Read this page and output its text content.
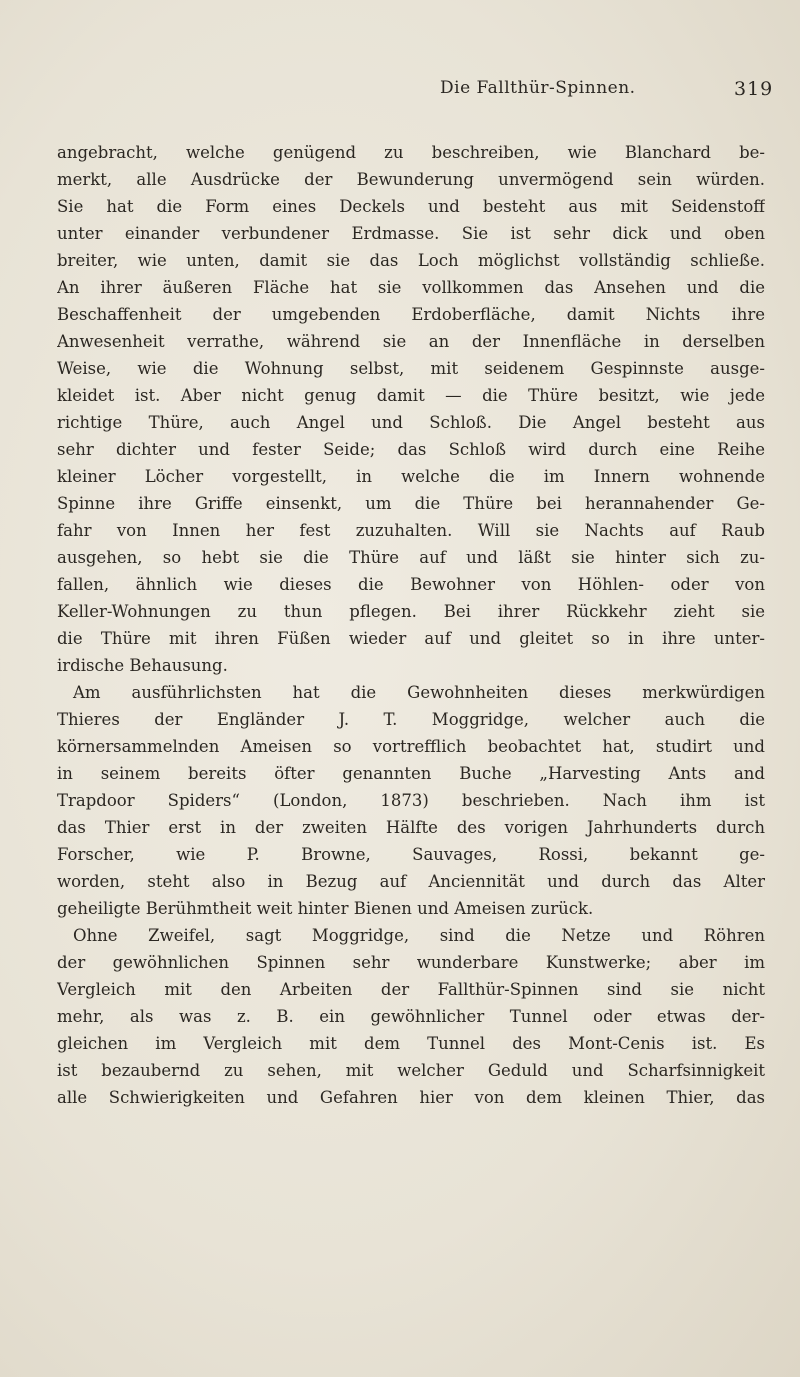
Die Fallthür-Spinnen.	319
angebracht, welche genügend zu beschreiben, wie Blanchard be-
merkt, alle Ausdrücke der Bewunderung unvermögend sein würden.
Sie hat die Form eines Deckels und besteht aus mit Seidenstoff
unter einander verbundener Erdmasse. Sie ist sehr dick und oben
breiter, wie unten, damit sie das Loch möglichst vollständig schließe.
An ihrer äußeren Fläche hat sie vollkommen das Ansehen und die
Beschaffenheit der umgebenden Erdoberfläche, damit Nichts ihre
Anwesenheit verrathe, während sie an der Innenfläche in derselben
Weise, wie die Wohnung selbst, mit seidenem Gespinnste ausge-
kleidet ist. Aber nicht genug damit — die Thüre besitzt, wie jede
richtige Thüre, auch Angel und Schloß. Die Angel besteht aus
sehr dichter und fester Seide; das Schloß wird durch eine Reihe
kleiner Löcher vorgestellt, in welche die im Innern wohnende
Spinne ihre Griffe einsenkt, um die Thüre bei herannahender Ge-
fahr von Innen her fest zuzuhalten. Will sie Nachts auf Raub
ausgehen, so hebt sie die Thüre auf und läßt sie hinter sich zu-
fallen, ähnlich wie dieses die Bewohner von Höhlen- oder von
Keller-Wohnungen zu thun pflegen. Bei ihrer Rückkehr zieht sie
die Thüre mit ihren Füßen wieder auf und gleitet so in ihre unter-
irdische Behausung.
Am ausführlichsten hat die Gewohnheiten dieses merkwürdigen
Thieres der Engländer J. T. Moggridge, welcher auch die
körnersammelnden Ameisen so vortrefflich beobachtet hat, studirt und
in seinem bereits öfter genannten Buche „Harvesting Ants and
Trapdoor Spiders“ (London, 1873) beschrieben. Nach ihm ist
das Thier erst in der zweiten Hälfte des vorigen Jahrhunderts durch
Forscher, wie P. Browne, Sauvages, Rossi, bekannt ge-
worden, steht also in Bezug auf Anciennität und durch das Alter
geheiligte Berühmtheit weit hinter Bienen und Ameisen zurück.
Ohne Zweifel, sagt Moggridge, sind die Netze und Röhren
der gewöhnlichen Spinnen sehr wunderbare Kunstwerke; aber im
Vergleich mit den Arbeiten der Fallthür-Spinnen sind sie nicht
mehr, als was z. B. ein gewöhnlicher Tunnel oder etwas der-
gleichen im Vergleich mit dem Tunnel des Mont-Cenis ist. Es
ist bezaubernd zu sehen, mit welcher Geduld und Scharfsinnigkeit
alle Schwierigkeiten und Gefahren hier von dem kleinen Thier, das
